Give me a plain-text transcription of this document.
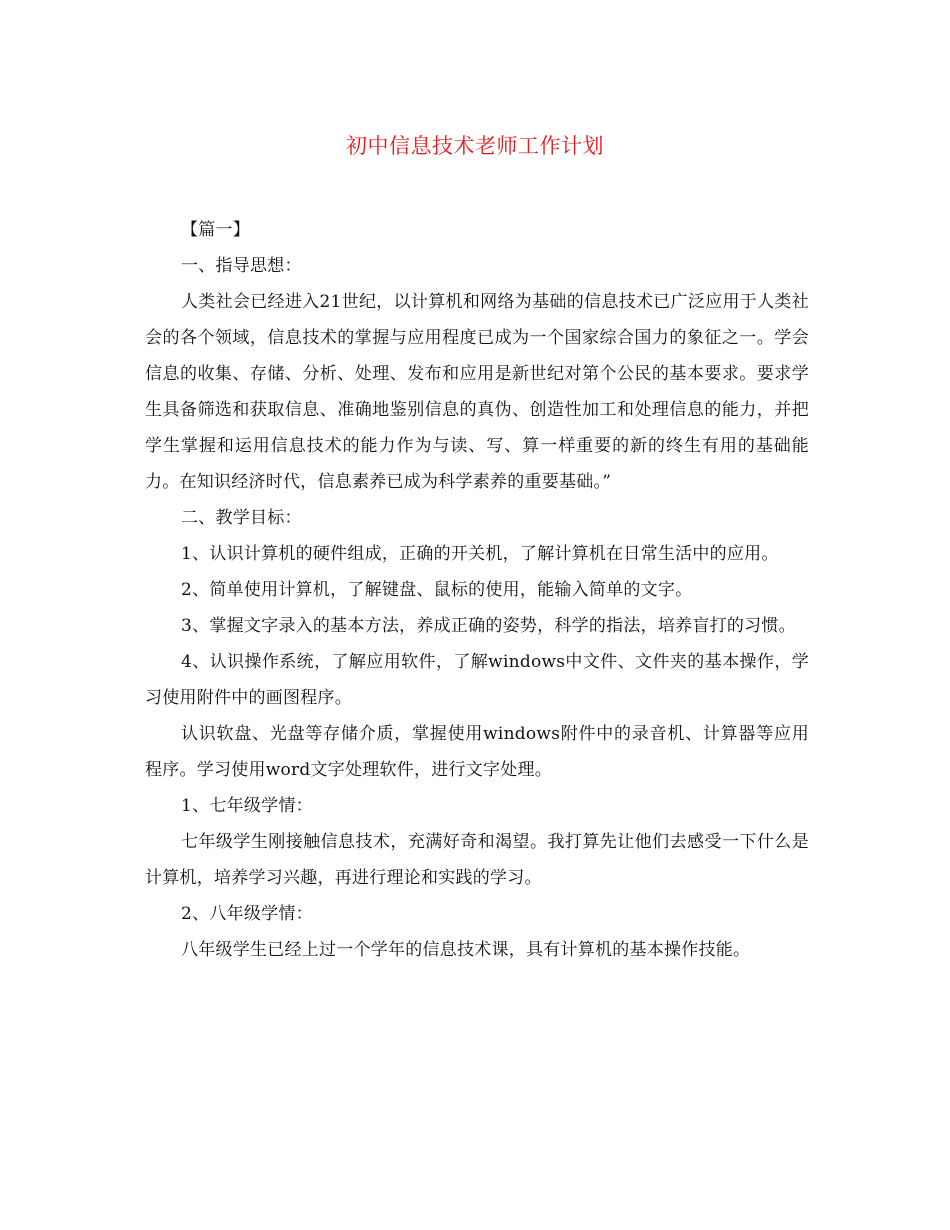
初中信息技术老师工作计划

【篇一】

一、指导思想：

人类社会已经进入21世纪，以计算机和网络为基础的信息技术已广泛应用于人类社会的各个领域，信息技术的掌握与应用程度已成为一个国家综合国力的象征之一。学会信息的收集、存储、分析、处理、发布和应用是新世纪对第个公民的基本要求。要求学生具备筛选和获取信息、准确地鉴别信息的真伪、创造性加工和处理信息的能力，并把学生掌握和运用信息技术的能力作为与读、写、算一样重要的新的终生有用的基础能力。在知识经济时代，信息素养已成为科学素养的重要基础。”

二、教学目标：

1、认识计算机的硬件组成，正确的开关机，了解计算机在日常生活中的应用。

2、简单使用计算机，了解键盘、鼠标的使用，能输入简单的文字。

3、掌握文字录入的基本方法，养成正确的姿势，科学的指法，培养盲打的习惯。

4、认识操作系统，了解应用软件，了解windows中文件、文件夹的基本操作，学习使用附件中的画图程序。

认识软盘、光盘等存储介质，掌握使用windows附件中的录音机、计算器等应用程序。学习使用word文字处理软件，进行文字处理。

1、七年级学情：

七年级学生刚接触信息技术，充满好奇和渴望。我打算先让他们去感受一下什么是计算机，培养学习兴趣，再进行理论和实践的学习。

2、八年级学情：

八年级学生已经上过一个学年的信息技术课，具有计算机的基本操作技能。
